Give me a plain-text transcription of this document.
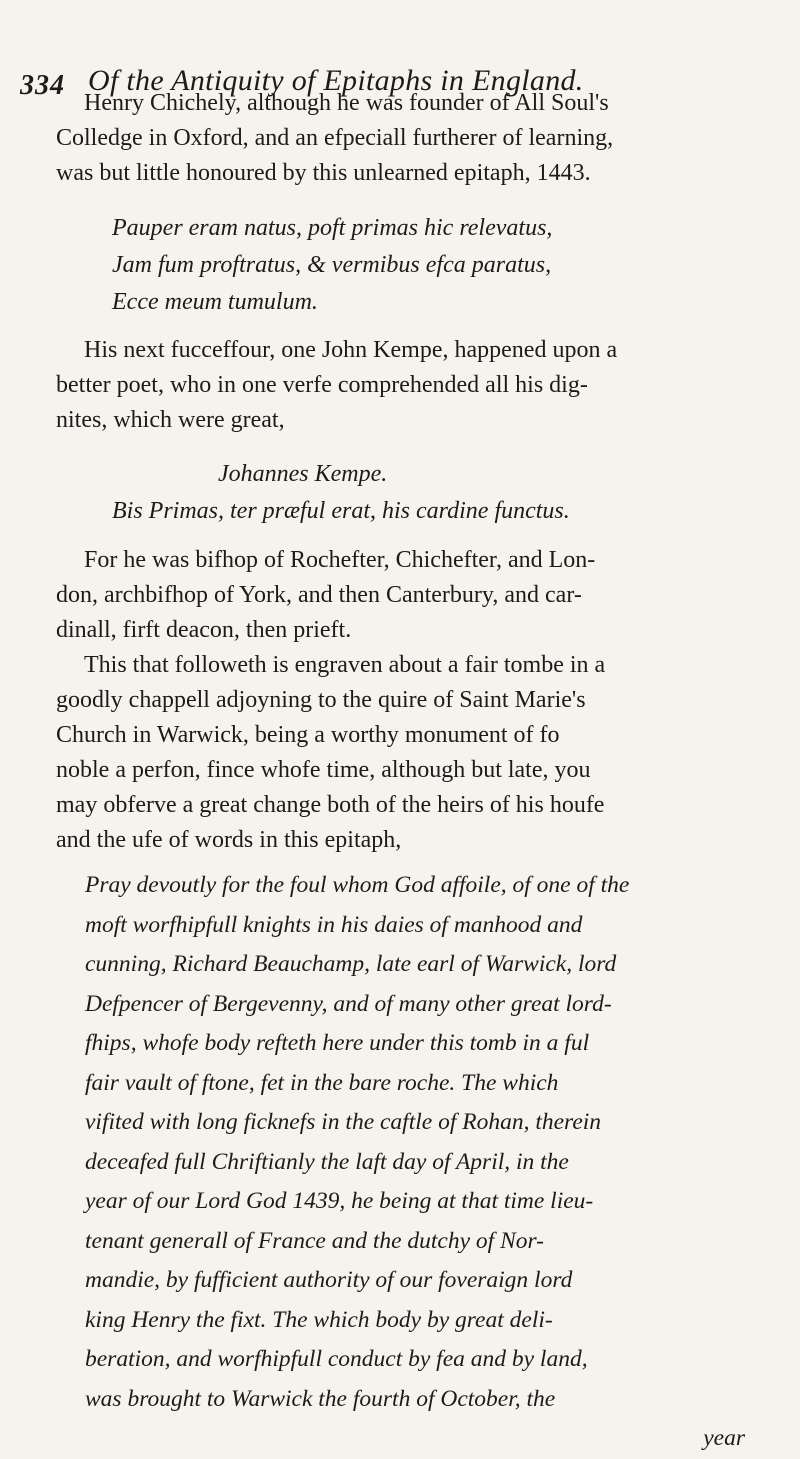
334 Of the Antiquity of Epitaphs in England.
Henry Chichely, although he was founder of All Soul's
Colledge in Oxford, and an efpeciall furtherer of learning,
was but little honoured by this unlearned epitaph, 1443.
Pauper eram natus, poft primas hic relevatus,
Jam fum proftratus, & vermibus efca paratus,
Ecce meum tumulum.
His next fucceffour, one John Kempe, happened upon a
better poet, who in one verfe comprehended all his dig-
nites, which were great,
Johannes Kempe.
Bis Primas, ter præful erat, his cardine functus.
For he was bifhop of Rochefter, Chichefter, and Lon-
don, archbifhop of York, and then Canterbury, and car-
dinall, firft deacon, then prieft.
This that followeth is engraven about a fair tombe in a
goodly chappell adjoyning to the quire of Saint Marie's
Church in Warwick, being a worthy monument of fo
noble a perfon, fince whofe time, although but late, you
may obferve a great change both of the heirs of his houfe
and the ufe of words in this epitaph,
Pray devoutly for the foul whom God affoile, of one of the
moft worfhipfull knights in his daies of manhood and
cunning, Richard Beauchamp, late earl of Warwick, lord
Defpencer of Bergevenny, and of many other great lord-
fhips, whofe body refteth here under this tomb in a ful
fair vault of ftone, fet in the bare roche. The which
vifited with long ficknefs in the caftle of Rohan, therein
deceafed full Chriftianly the laft day of April, in the
year of our Lord God 1439, he being at that time lieu-
tenant generall of France and the dutchy of Nor-
mandie, by fufficient authority of our foveraign lord
king Henry the fixt. The which body by great deli-
beration, and worfhipfull conduct by fea and by land,
was brought to Warwick the fourth of October, the
year
